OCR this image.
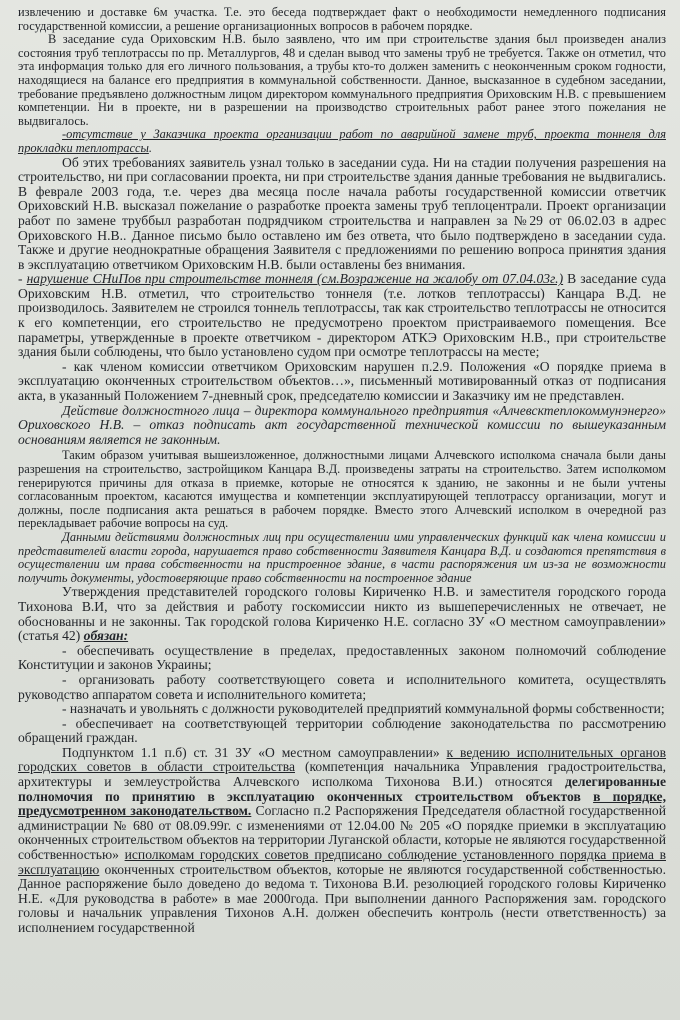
извлечению и доставке 6м участка. Т.е. это беседа подтверждает факт о необходимости немедленного подписания государственной комиссии, а решение организационных вопросов в рабочем порядке.

В заседание суда Ориховским Н.В. было заявлено, что им при строительстве здания был произведен анализ состояния труб теплотрассы по пр. Металлургов, 48 и сделан вывод что замены труб не требуется. Также он отметил, что эта информация только для его личного пользования, а трубы кто-то должен заменить с неоконченным сроком годности, находящиеся на балансе его предприятия в коммунальной собственности. Данное, высказанное в судебном заседании, требование предъявлено должностным лицом директором коммунального предприятия Ориховским Н.В. с превышением компетенции. Ни в проекте, ни в разрешении на производство строительных работ ранее этого пожелания не выдвигалось.

-отсутствие у Заказчика проекта организации работ по аварийной замене труб, проекта тоннеля для прокладки теплотрассы.

Об этих требованиях заявитель узнал только в заседании суда. Ни на стадии получения разрешения на строительство, ни при согласовании проекта, ни при строительстве здания данные требования не выдвигались. В феврале 2003 года, т.е. через два месяца после начала работы государственной комиссии ответчик Ориховский Н.В. высказал пожелание о разработке проекта замены труб теплоцентрали. Проект организации работ по замене труббыл разработан подрядчиком строительства и направлен за №29 от 06.02.03 в адрес Ориховского Н.В.. Данное письмо было оставлено им без ответа, что было подтверждено в заседании суда. Также и другие неоднократные обращения Заявителя с предложениями по решению вопроса принятия здания в эксплуатацию ответчиком Ориховским Н.В. были оставлены без внимания.

- нарушение СНиПов при строительстве тоннеля (см.Возражение на жалобу от 07.04.03г.) В заседание суда Ориховским Н.В. отметил, что строительство тоннеля (т.е. лотков теплотрассы) Канцара В.Д. не производилось. Заявителем не строился тоннель теплотрассы, так как строительство теплотрассы не относится к его компетенции, его строительство не предусмотрено проектом пристраиваемого помещения. Все параметры, утвержденные в проекте ответчиком - директором АТКЭ Ориховским Н.В., при строительстве здания были соблюдены, что было установлено судом при осмотре теплотрассы на месте;

- как членом комиссии ответчиком Ориховским нарушен п.2.9. Положения «О порядке приема в эксплуатацию оконченных строительством объектов…», письменный мотивированный отказ от подписания акта, в указанный Положением 7-дневный срок, председателю комиссии и Заказчику им не представлен.

Действие должностного лица – директора коммунального предприятия «Алчевсктеплокоммунэнерго» Ориховского Н.В. – отказ подписать акт государственной технической комиссии по вышеуказанным основаниям является не законным.

Таким образом учитывая вышеизложенное, должностными лицами Алчевского исполкома сначала были даны разрешения на строительство, застройщиком Канцара В.Д. произведены затраты на строительство. Затем исполкомом генерируются причины для отказа в приемке, которые не относятся к зданию, не законны и не были учтены согласованным проектом, касаются имущества и компетенции эксплуатирующей теплотрассу организации, могут и должны, после подписания акта решаться в рабочем порядке. Вместо этого Алчевский исполком в очередной раз перекладывает рабочие вопросы на суд.

Данными действиями должностных лиц при осуществлении ими управленческих функций как члена комиссии и представителей власти города, нарушается право собственности Заявителя Канцара В.Д. и создаются препятствия в осуществлении им права собственности на пристроенное здание, в части распоряжения им из-за не возможности получить документы, удостоверяющие право собственности на построенное здание

Утверждения представителей городского головы Кириченко Н.В. и заместителя городского города Тихонова В.И, что за действия и работу госкомиссии никто из вышеперечисленных не отвечает, не обоснованны и не законны. Так городской голова Кириченко Н.Е. согласно ЗУ «О местном самоуправлении» (статья 42) обязан:

- обеспечивать осуществление в пределах, предоставленных законом полномочий соблюдение Конституции и законов Украины;

- организовать работу соответствующего совета и исполнительного комитета, осуществлять руководство аппаратом совета и исполнительного комитета;

- назначать и увольнять с должности руководителей предприятий коммунальной формы собственности;

- обеспечивает на соответствующей территории соблюдение законодательства по рассмотрению обращений граждан.

Подпунктом 1.1 п.б) ст. 31 ЗУ «О местном самоуправлении» к ведению исполнительных органов городских советов в области строительства (компетенция начальника Управления градостроительства, архитектуры и землеустройства Алчевского исполкома Тихонова В.И.) относятся делегированные полномочия по принятию в эксплуатацию оконченных строительством объектов в порядке, предусмотренном законодательством. Согласно п.2 Распоряжения Председателя областной государственной администрации № 680 от 08.09.99г. с изменениями от 12.04.00 № 205 «О порядке приемки в эксплуатацию оконченных строительством объектов на территории Луганской области, которые не являются государственной собственностью» исполкомам городских советов предписано соблюдение установленного порядка приема в эксплуатацию оконченных строительством объектов, которые не являются государственной собственностью. Данное распоряжение было доведено до ведома т. Тихонова В.И. резолюцией городского головы Кириченко Н.Е. «Для руководства в работе» в мае 2000года. При выполнении данного Распоряжения зам. городского головы и начальник управления Тихонов А.Н. должен обеспечить контроль (нести ответственность) за исполнением государственной
